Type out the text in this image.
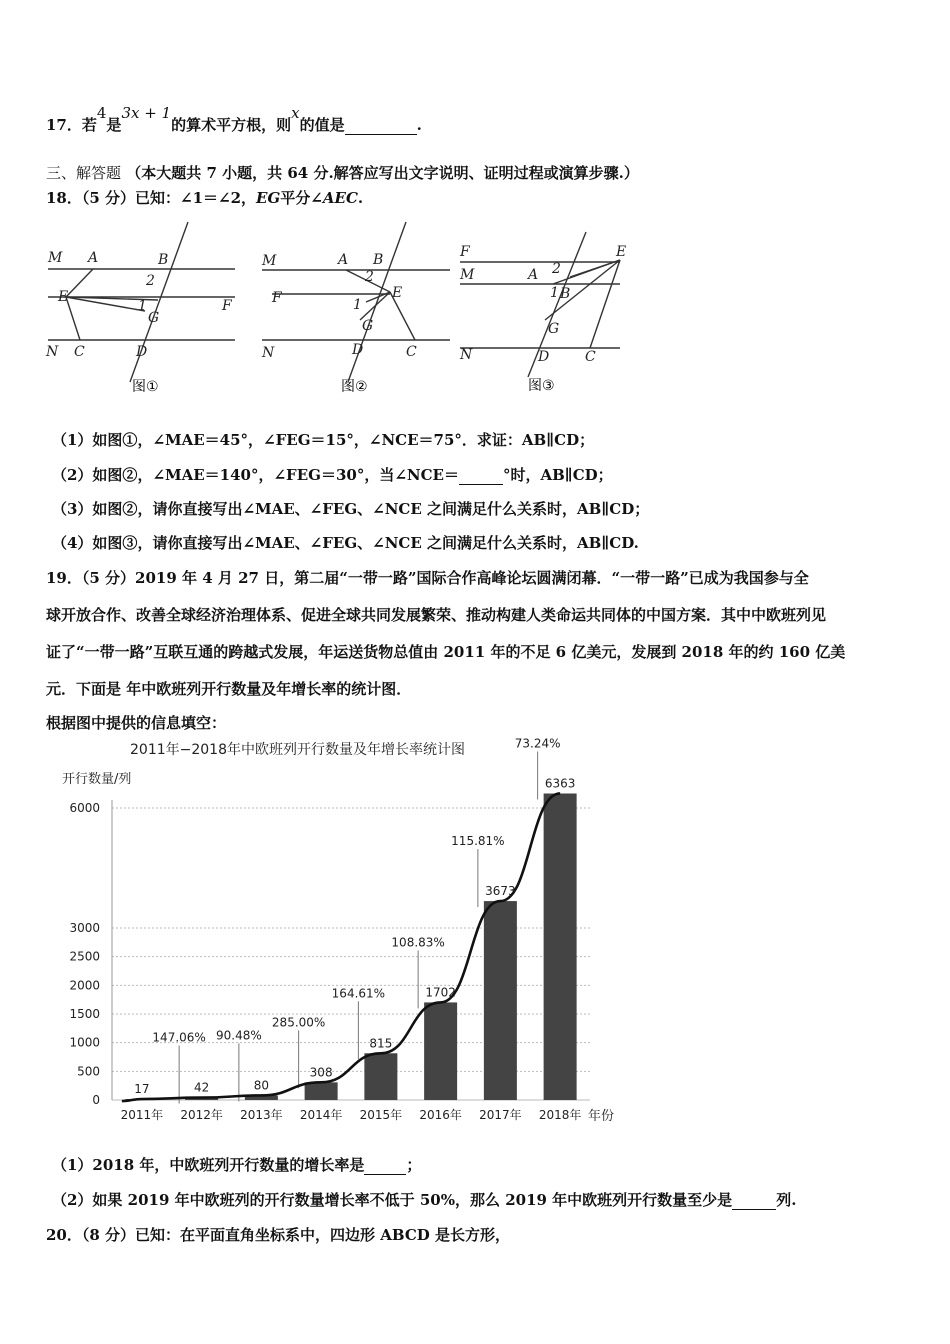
17．若4是3x + 1的算术平方根，则x的值是	.
三、解答题 （本大题共 7 小题，共 64 分.解答应写出文字说明、证明过程或演算步骤.）
18．（5 分）已知：∠1＝∠2，EG平分∠AEC.
M A	B
2
E
F
1
G
N C	D
图①
M	A B
2
F	E
1
G
N	D	C
图②
F
M
E
A 2
1 B
G
N	D	C
图③
（1）如图①，∠MAE＝45°，∠FEG＝15°，∠NCE＝75°．求证：AB∥CD；
（2）如图②，∠MAE＝140°，∠FEG＝30°，当∠NCE＝	°时，AB∥CD；
（3）如图②，请你直接写出∠MAE、∠FEG、∠NCE 之间满足什么关系时，AB∥CD；
（4）如图③，请你直接写出∠MAE、∠FEG、∠NCE 之间满足什么关系时，AB∥CD.
19．（5 分）2019 年 4 月 27 日，第二届“一带一路”国际合作高峰论坛圆满闭幕．“一带一路”已成为我国参与全
球开放合作、改善全球经济治理体系、促进全球共同发展繁荣、推动构建人类命运共同体的中国方案．其中中欧班列见
证了“一带一路”互联互通的跨越式发展，年运送货物总值由 2011 年的不足 6 亿美元，发展到 2018 年的约 160 亿美
元．下面是 年中欧班列开行数量及年增长率的统计图．
根据图中提供的信息填空：
2011年−2018年中欧班列开行数量及年增长率统计图
开行数量/列
年份
0
500
1000
1500
2000
2500
3000
6000
2011年 2012年 2013年 2014年 2015年 2016年 2017年 2018年
17	42	80
308
815
1702
3673
6363
147.06% 90.48%
285.00%
164.61%
108.83%
115.81%
73.24%
（1）2018 年，中欧班列开行数量的增长率是	；
（2）如果 2019 年中欧班列的开行数量增长率不低于 50%，那么 2019 年中欧班列开行数量至少是	列.
20．（8 分）已知：在平面直角坐标系中，四边形 ABCD 是长方形，
